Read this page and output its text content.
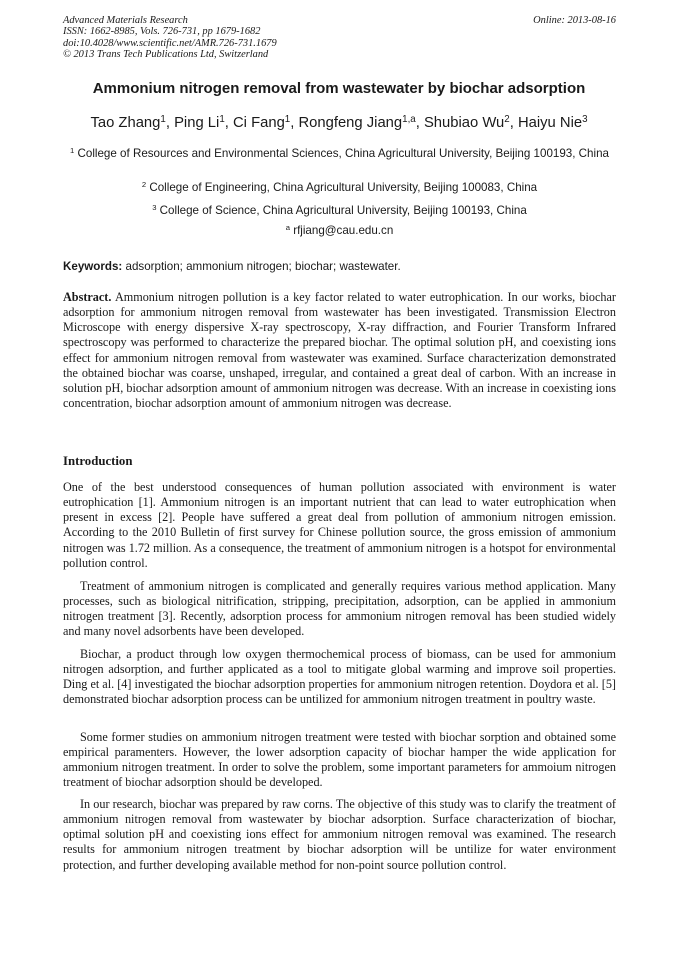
Advanced Materials Research
ISSN: 1662-8985, Vols. 726-731, pp 1679-1682
doi:10.4028/www.scientific.net/AMR.726-731.1679
© 2013 Trans Tech Publications Ltd, Switzerland
Online: 2013-08-16
Ammonium nitrogen removal from wastewater by biochar adsorption
Tao Zhang$^1$, Ping Li$^1$, Ci Fang$^1$, Rongfeng Jiang$^{1,a}$, Shubiao Wu$^2$, Haiyu Nie$^3$
$^1$ College of Resources and Environmental Sciences, China Agricultural University, Beijing 100193, China
$^2$ College of Engineering, China Agricultural University, Beijing 100083, China
$^3$ College of Science, China Agricultural University, Beijing 100193, China
$^a$ rfjiang@cau.edu.cn
Keywords: adsorption; ammonium nitrogen; biochar; wastewater.
Abstract. Ammonium nitrogen pollution is a key factor related to water eutrophication. In our works, biochar adsorption for ammonium nitrogen removal from wastewater has been investigated. Transmission Electron Microscope with energy dispersive X-ray spectroscopy, X-ray diffraction, and Fourier Transform Infrared spectroscopy was performed to characterize the prepared biochar. The optimal solution pH, and coexisting ions effect for ammonium nitrogen removal from wastewater was examined. Surface characterization demonstrated the obtained biochar was coarse, unshaped, irregular, and contained a great deal of carbon. With an increase in solution pH, biochar adsorption amount of ammonium nitrogen was decrease. With an increase in coexisting ions concentration, biochar adsorption amount of ammonium nitrogen was decrease.
Introduction
One of the best understood consequences of human pollution associated with environment is water eutrophication [1]. Ammonium nitrogen is an important nutrient that can lead to water eutrophication when present in excess [2]. People have suffered a great deal from pollution of ammonium nitrogen emission. According to the 2010 Bulletin of first survey for Chinese pollution source, the gross emission of ammonium nitrogen was 1.72 million. As a consequence, the treatment of ammonium nitrogen is a hotspot for environmental pollution control.
Treatment of ammonium nitrogen is complicated and generally requires various method application. Many processes, such as biological nitrification, stripping, precipitation, adsorption, can be applied in ammonium nitrogen treatment [3]. Recently, adsorption process for ammonium nitrogen removal has been studied widely and many novel adsorbents have been developed.
Biochar, a product through low oxygen thermochemical process of biomass, can be used for ammonium nitrogen adsorption, and further applicated as a tool to mitigate global warming and improve soil properties. Ding et al. [4] investigated the biochar adsorption properties for ammonium nitrogen retention. Doydora et al. [5] demonstrated biochar adsorption process can be untilized for ammonium nitrogen treatment in poultry waste.
Some former studies on ammonium nitrogen treatment were tested with biochar sorption and obtained some empirical paramenters. However, the lower adsorption capacity of biochar hamper the wide application for ammonium nitrogen treatment. In order to solve the problem, some important parameters for ammoium nitrogen treatment of biochar adsorption should be developed.
In our research, biochar was prepared by raw corns. The objective of this study was to clarify the treatment of ammonium nitrogen removal from wastewater by biochar adsorption. Surface characterization of biochar, optimal solution pH and coexisting ions effect for ammonium nitrogen removal was examined. The research results for ammonium nitrogen treatment by biochar adsorption will be untilize for water environment protection, and further developing available method for non-point source pollution control.
